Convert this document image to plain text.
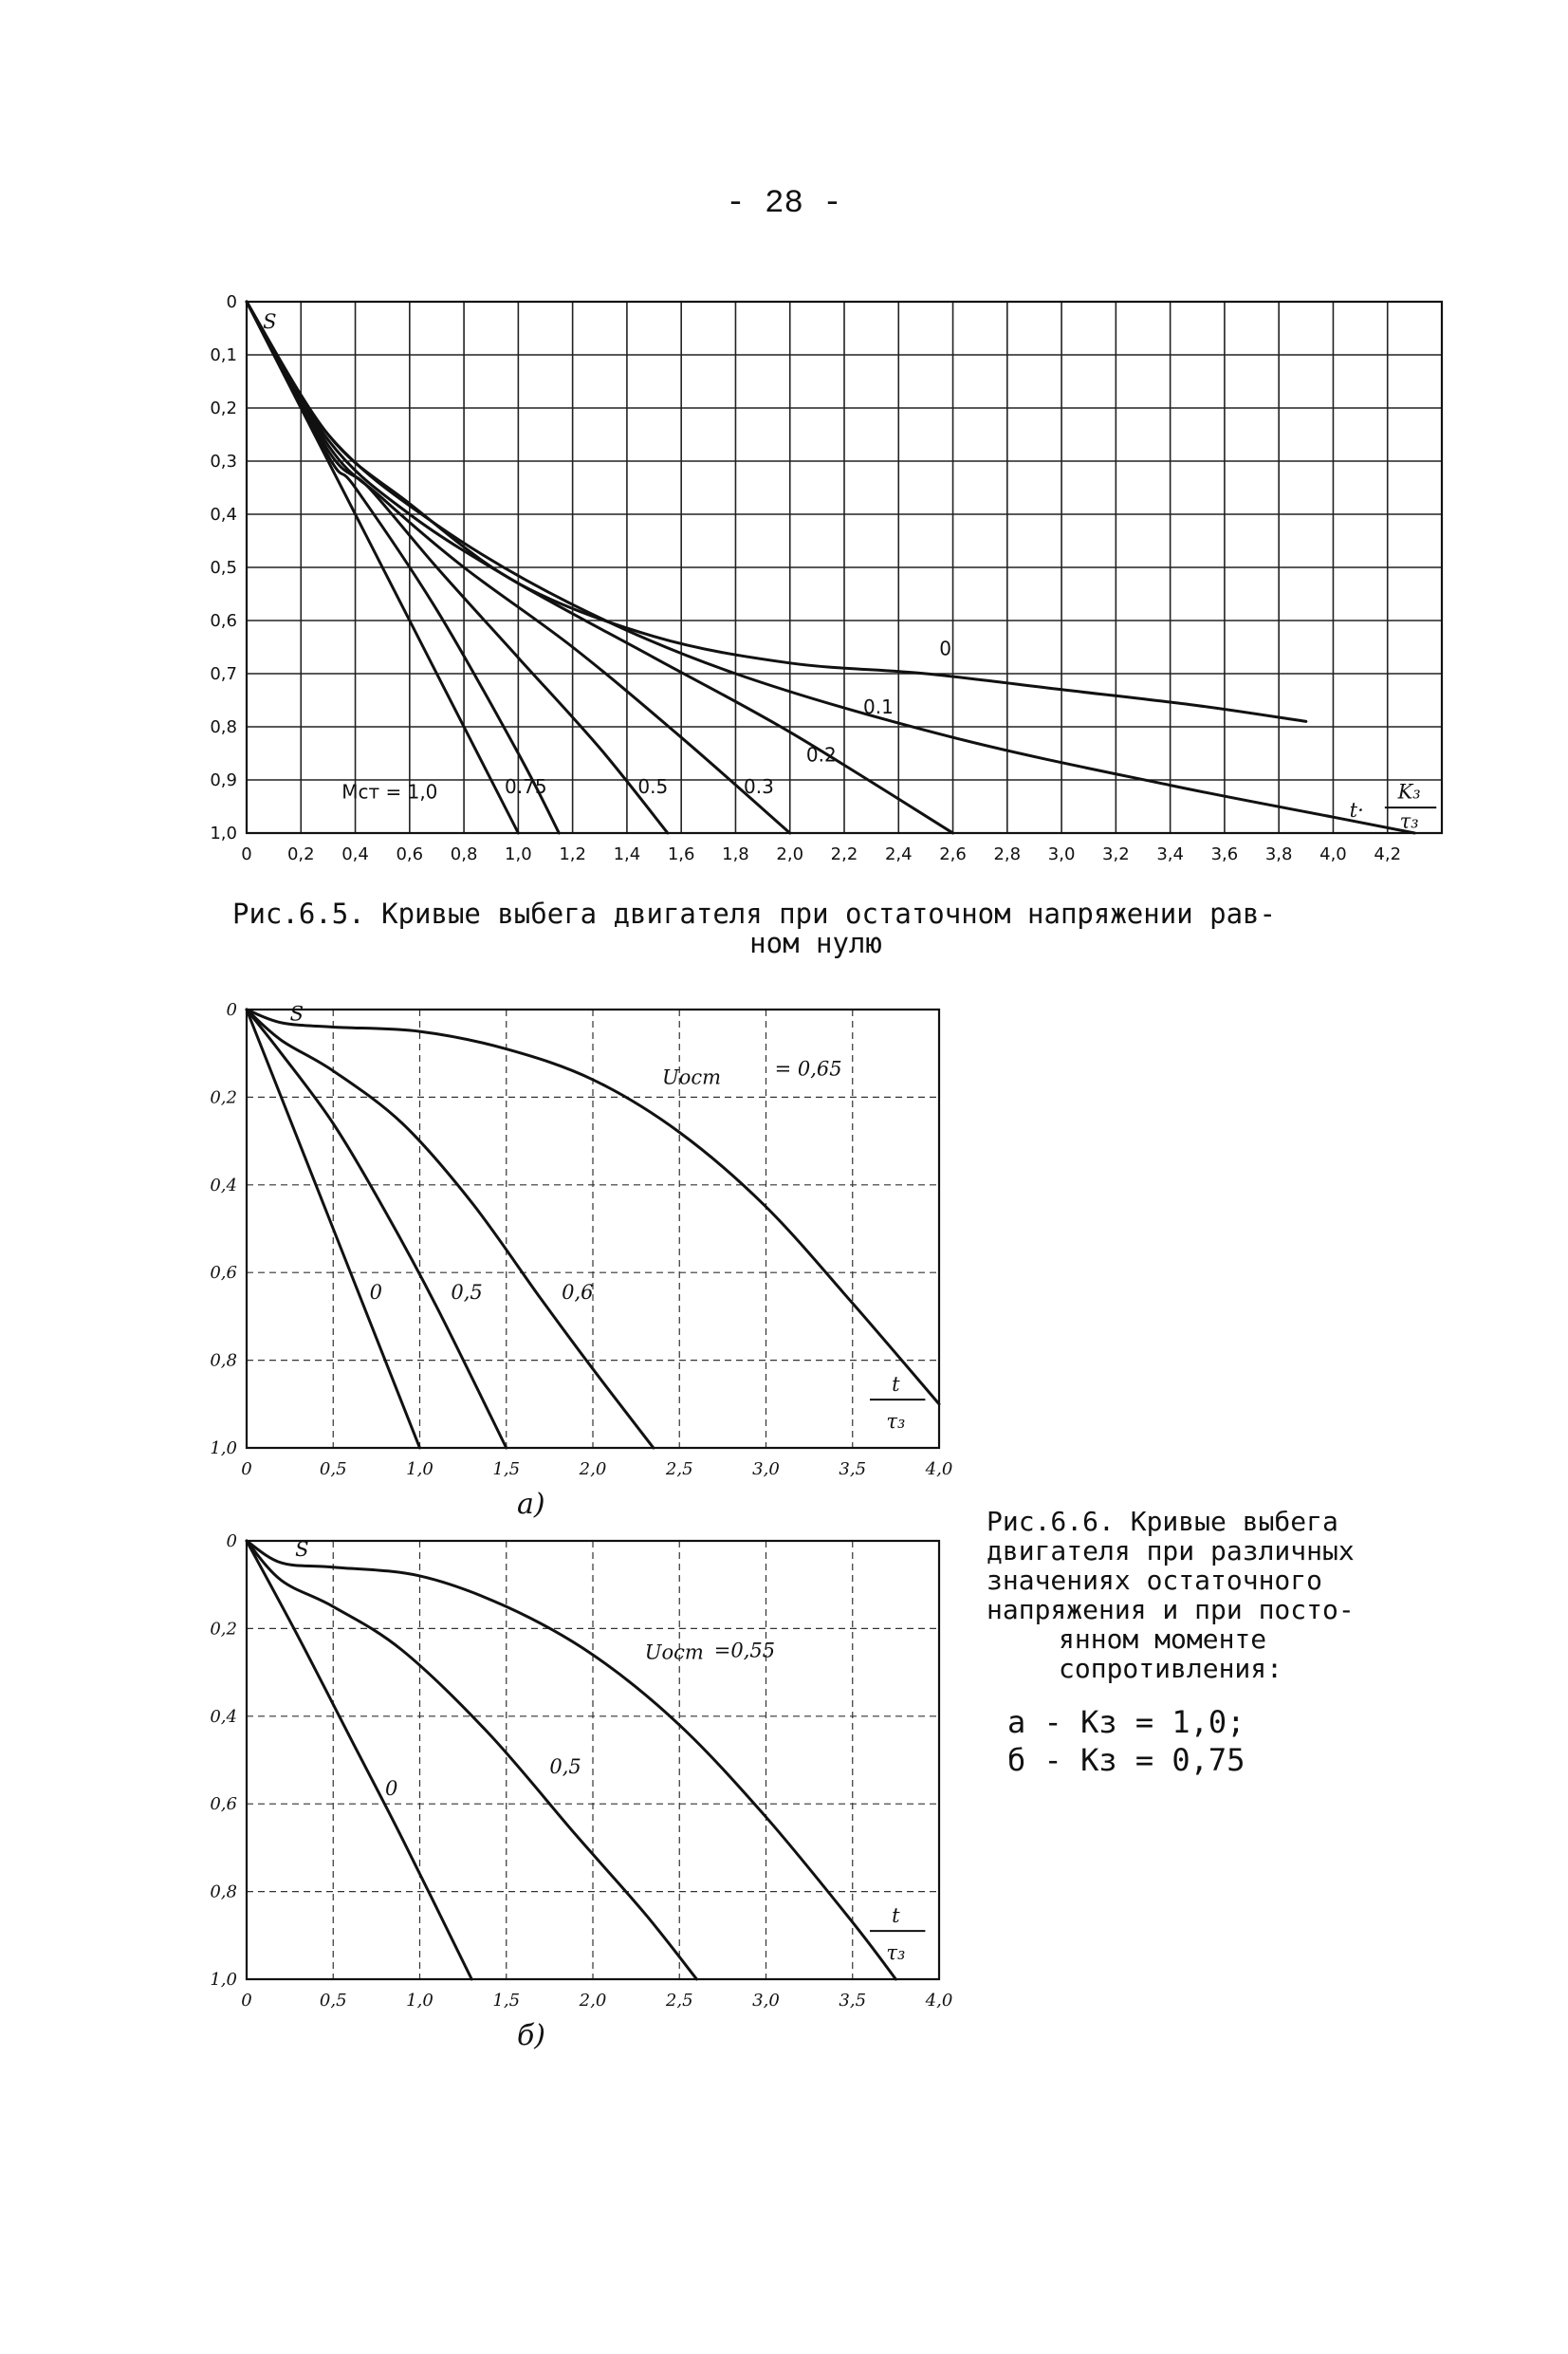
- 28 -
0 0,2 0,4 0,6 0,8 1,0 1,2 1,4 1,6 1,8 2,0 2,2 2,4 2,6 2,8 3,0 3,2 3,4 3,6 3,8 4,0 4,2
0
0,1
0,2
0,3
0,4
0,5
0,6
0,7
0,8
0,9
1,0
S
Mст = 1,0	0.75	0.5	0.3
0
0.1
0.2
t·
K₃
τ₃
Рис.6.5. Кривые выбега двигателя при остаточном напряжении рав-
ном нулю
0	0,5	1,0	1,5	2,0	2,5	3,0	3,5	4,0
0
0,2
0,4
0,6
0,8
1,0
S
0	0,5	0,6
Uост	= 0,65
t
τ₃
а)
0	0,5	1,0	1,5	2,0	2,5	3,0	3,5	4,0
0
0,2
0,4
0,6
0,8
1,0
S
0
0,5
Uост =0,55
t
τ₃
б)
Рис.6.6. Кривые выбега
двигателя при различных
значениях остаточного
напряжения и при посто-
янном моменте
сопротивления:
а - Кз = 1,0;
б - Кз = 0,75
